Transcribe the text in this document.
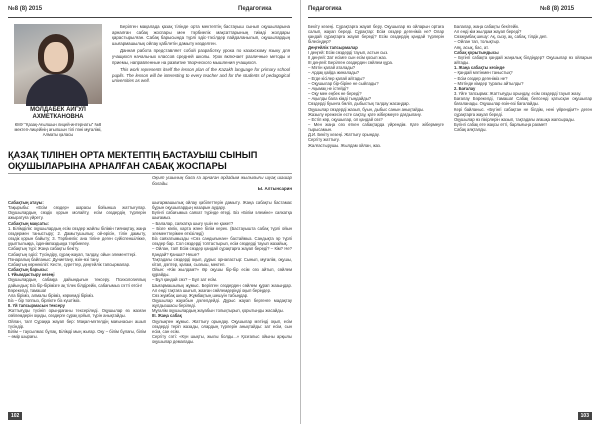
№8 (8) 2015	Педагогика
МОЛДАБЕК АЙГУЛ АХМЕТКАНОВНА
КМУ "Қазақ-Ағылшын лицей-интернаты" №8 мектеп-лицейінің ағылшын тілі пәні мұғалімі, Алматы қаласы

Берілген мақалада қазақ тілінде орта мектептің бастауыш сынып оқушыларына арналған сабақ жоспары мен тәрбиелік мақсаттарының тиімді жолдары қарастырылған. Сабақ барысында түрлі әдіс-тәсілдер пайдаланылып, оқушылардың шығармашылық ойлау қабілетін дамыту көзделген.

Данная работа представляет собой разработку урока по казахскому языку для учащихся начальных классов средней школы. Урок включает различные методы и приемы, направленные на развитие творческого мышления учащихся.

This work represents itself the lesson plan of the Kazakh language for primary school pupils. The lesson will be interesting to every teacher and for the students of pedagogical universities as well.

ҚАЗАҚ ТІЛІНЕН ОРТА МЕКТЕПТІҢ БАСТАУЫШ СЫНЫП ОҚУШЫЛАРЫНА АРНАЛҒАН САБАҚ ЖОСПАРЫ
Оқыт ушының бала ға арнаған әрдайым жылылығы шуақ шашар болады.
Ы. Алтынсарин

Сабақтың атауы:

Тақырыбы: «Есім сөздер» шарасы бойынша жаттығулар. Оқушылардың сөздік қорын молайту, есім сөздердің түрлерін ажыратуға үйрету.

Сабақтың мақсаты:

1. Білімділік: оқушылардың есім сөздер жайлы білімін тиянақтау, жаңа сөздермен таныстыру; 2. Дамытушылық: ой-өрісін, тілін дамыту, сөздік қорын байыту; 3. Тәрбиелік: ана тіліне деген сүйіспеншілікке, ұқыптылыққа, ізденімпаздыққа тәрбиелеу.

Сабақтың түрі: Жаңа сабақты бекіту.

Сабақтың әдісі: Түсіндіру, сұрақ-жауап, талдау, ойын элементтері.

Пәнаралық байланыс: Дүниетану, өзін-өзі тану.

Сабақтың көрнекілігі: Кесте, суреттер, деңгейлік тапсырмалар.

Сабақтың барысы:

I. Ұйымдастыру кезеңі

Оқушылардың сабаққа дайындығын тексеру. Психологиялық дайындық: Біз бір-бірімізге ақ тілек білдірейік, сабағымыз сәтті өтсін!

Бәрекелді, тамаша!

Ала біріміз, алмалы біріміз, көркемді біріміз.

Біз – бір топпыз, бірлікте біз күштіміз.

II. Үй тапсырмасын тексеру

Жаттығуды түсініп орындағаны тексеріледі. Оқушылар өз жазған сөйлемдерін оқиды, сөздерге сұрақ қойып, түрін анықтайды.

Ойлан, тап! Сұраққа жауап бер: Мақал-мәтелдің мағынасын ашып түсіндір.

Білім – таусылмас бұлақ, Білімді мың жығар. Оқу – білім бұлағы, білім – өмір шырағы.

шығармашылық ойлау қабілеттерін дамыту. Жаңа сабақты бастамас бұрын оқушылардың назарын аудару.

Бүгінгі сабағымыз саяхат түрінде өтеді. Біз «Білім әлеміне» саяхатқа шығамыз.

– Балалар, саяхатқа шығу үшін не қажет?

– Бізге көлік, карта және білім керек. (Бастауышта сабақ түрлі ойын элементтерімен өткізіледі)

Біз саяхатымызды «Сөз сандығынан» бастаймыз. Сандықта әр түрлі сөздер бар. Сол сөздерді топтастырып, есім сөздерді тауып жазайық.

– Ойлан, тап! Есім сөздер қандай сұрақтарға жауап береді? – Кім? Не? Қандай? Қанша? Неше?

Тақтадағы сөздерді оқып, дұрыс орналастыр: Сынып, мұғалім, оқушы, кітап, дәптер, қалам, сызғыш, мектеп.

Ойын: «Кім жылдам?» Әр оқушы бір-бір есім сөз айтып, сөйлем құрайды.

– Бұл қандай сөз? – Бұл зат есім.

Шығармашылық жұмыс. Берілген сөздерден сөйлем құрап жазыңдар. Ал енді тақтаға шығып, жазған сөйлемдеріңді оқып беріңдер.

Сөз жұмбақ шешу. Жұмбақтың шешуін табыңдар.

Оқушылар жауабын дәлелдейді. Дұрыс жауап бергенге мадақтау жұлдызшасы беріледі.

Мұғалім оқушылардың жауабын толықтырып, қорытынды жасайды.

III. Жаңа сабақ

Оқулықпен жұмыс. Жаттығу орындау. Оқушылар мәтінді оқып, есім сөздерді теріп жазады, олардың түрлерін анықтайды: зат есім, сын есім, сан есім.

Сергіту сәті: «Күн шықты, жылы болды...» Қозғалыс ойыны арқылы оқушылар демалады.

102
Педагогика	№8 (8) 2015

Бекіту кезеңі. Сұрақтарға жауап беру. Оқушылар өз ойларын ортаға салып, жауап береді. Сұрақтар: Есім сөздер дегеніміз не? Олар қандай сұрақтарға жауап береді? Есім сөздердің қандай түрлерін білесіңдер?

Деңгейлік тапсырмалар

І деңгей: Есім сөздерді тауып, астын сыз.

ІІ деңгей: Зат есімге сын есім қосып жаз.

ІІІ деңгей: Берілген сөздерден сөйлем құра.

– Мәтін қалай аталады?

– Ардақ қайда жиналады?

– Егде кісілер қалай айтады?

– Оқушылар бір-біріне не сыйлады?

– Ақымақ не істейді?

– Оқу мен еңбек не береді?

– Ақылды бала кімді тыңдайды?

Сөздерді буынға бөліп, дыбыстық талдау жасаңдар.

Оқушылар сөздерді жазып, буын, дыбыс санын анықтайды.

Жазылу ережесін есте сақтау, қате жібермеуге дағдылану.

– Естіп көр, оқушылар, ол қандай сөз?

– Мен жаңа сөз өткен сабақтарда үйрендім. Қате жібермеуге тырысамын.

Д.И. Бекіту кезеңі. Жаттығу орындау.

Сергіту жаттығу.

Жалғастырушы. Жылдам ойлан, жаз.

Балалар, жаңа сабақты бекітейік.

Ал енді кім жылдам жауап береді?

Сөзжұмбақ шешу: Ақ, сызу, ақ, сабақ, тілдік деп.

– Ойлан тап, толықтыр.

Аяқ, асық, бас, ат.

Сабақ қорытындысы

– Бүгінгі сабақта қандай жаңалық білдіңдер? Оқушылар өз ойларын айтады.

1. Жаңа сабақты кезінде

– Қандай мәтінмен таныстық?

– Есім сөздер дегеніміз не?

– Мәтінде кімдер туралы айтылды?

2. Бағалау

3. Үйге тапсырма: Жаттығуды орындау, есім сөздерді тауып жазу.

Бағалау Бәрекелді, тамаша! Сабақ белсенді қатысқан оқушылар бағаланады. Оқушылар өзін-өзі бағалайды.

Кері байланыс. «Бүгінгі сабақтан не білдім, нені үйрендім?» деген сұрақтарға жауап береді.

Оқушылар өз пікірлерін жазып, тақтадағы ағашқа жапсырады.

Бүгінгі сабақ өте жақсы өтті, барлығыңа рахмет!

Сабақ аяқталды.

103
